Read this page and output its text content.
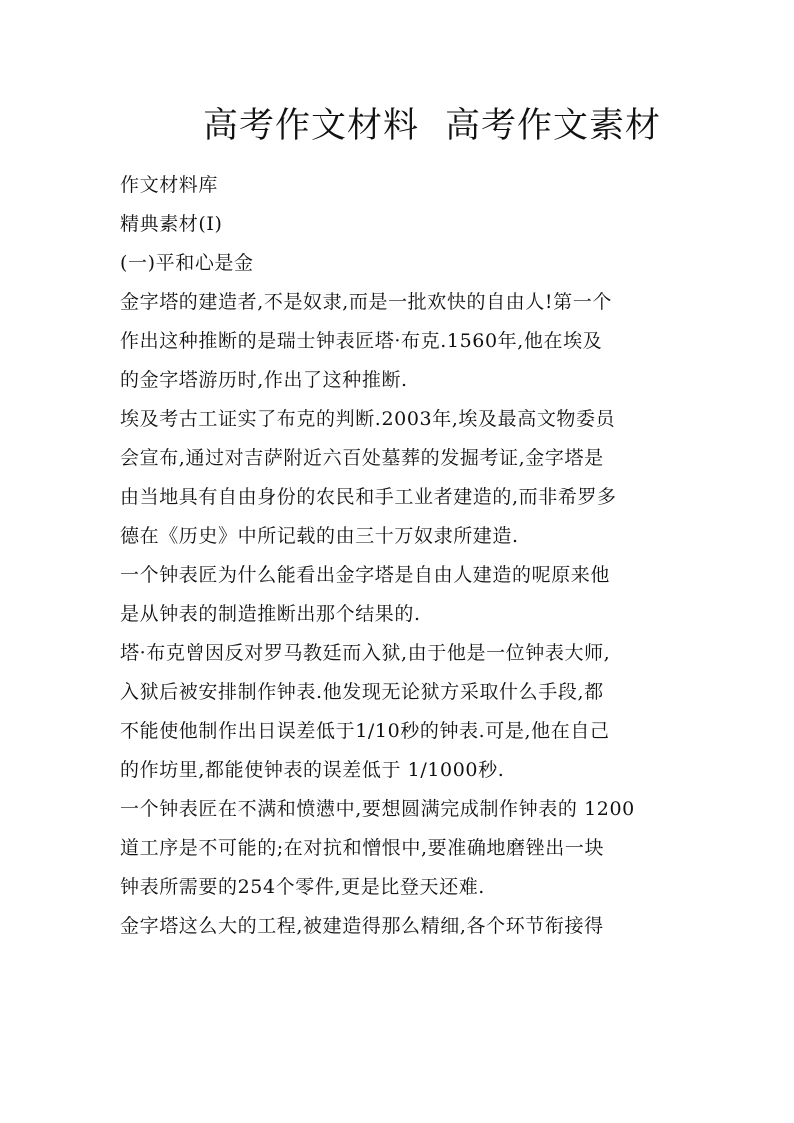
高考作文材料 高考作文素材
作文材料库
精典素材(Ⅰ)
(一)平和心是金
金字塔的建造者,不是奴隶,而是一批欢快的自由人!第一个
作出这种推断的是瑞士钟表匠塔·布克.1560年,他在埃及
的金字塔游历时,作出了这种推断.
埃及考古工证实了布克的判断.2003年,埃及最高文物委员
会宣布,通过对吉萨附近六百处墓葬的发掘考证,金字塔是
由当地具有自由身份的农民和手工业者建造的,而非希罗多
德在《历史》中所记载的由三十万奴隶所建造.
一个钟表匠为什么能看出金字塔是自由人建造的呢原来他
是从钟表的制造推断出那个结果的.
塔·布克曾因反对罗马教廷而入狱,由于他是一位钟表大师,
入狱后被安排制作钟表.他发现无论狱方采取什么手段,都
不能使他制作出日误差低于1/10秒的钟表.可是,他在自己
的作坊里,都能使钟表的误差低于 1/1000秒.
一个钟表匠在不满和愤懑中,要想圆满完成制作钟表的 1200
道工序是不可能的;在对抗和憎恨中,要准确地磨锉出一块
钟表所需要的254个零件,更是比登天还难.
金字塔这么大的工程,被建造得那么精细,各个环节衔接得
